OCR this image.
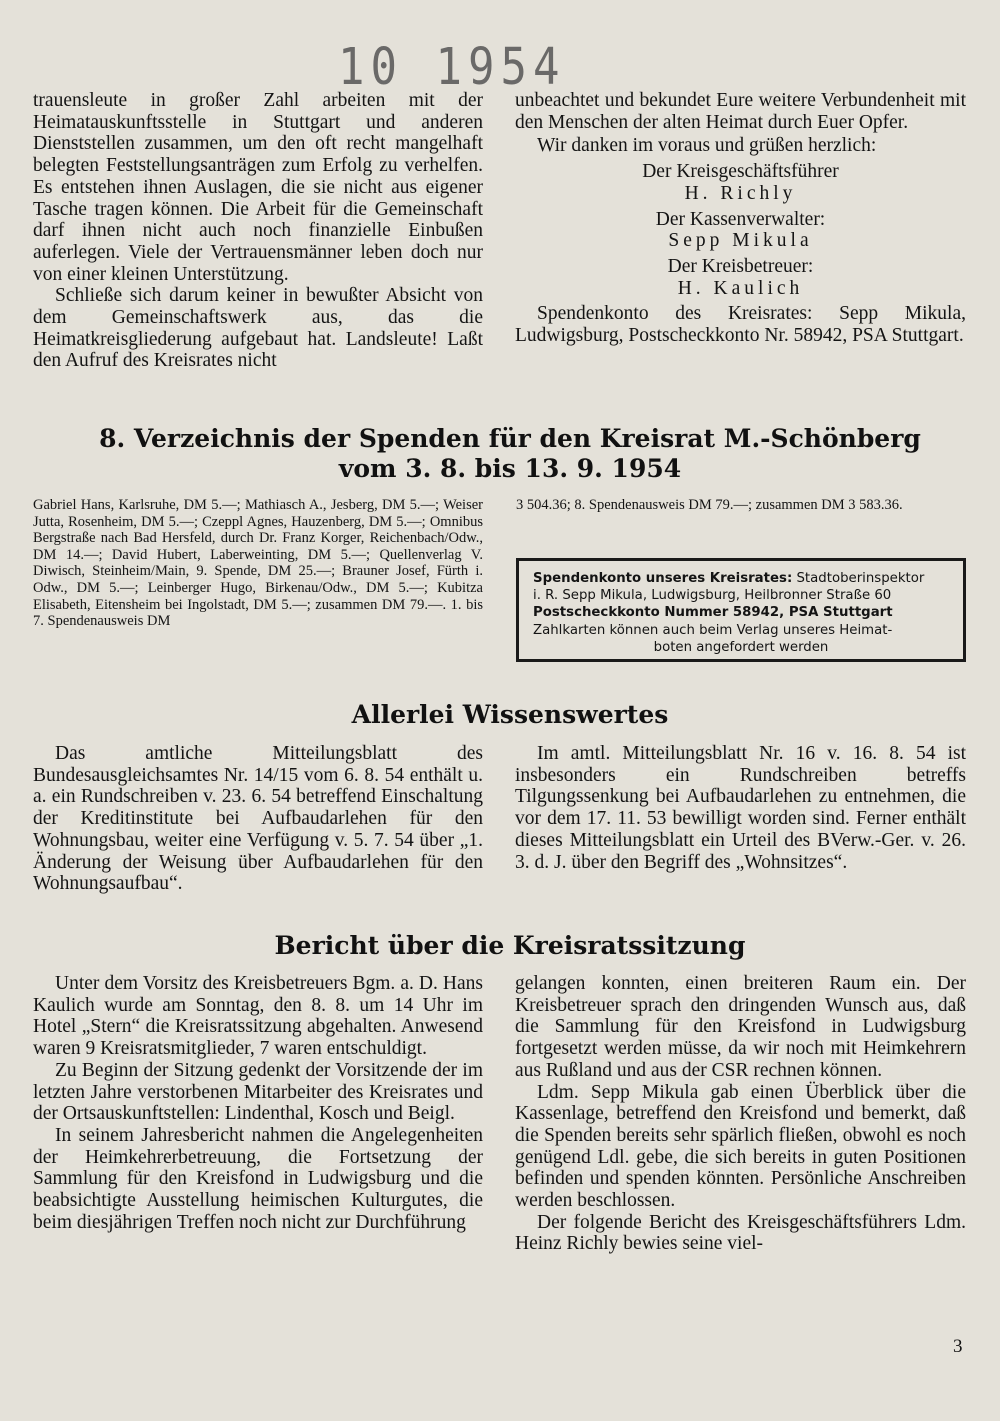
10 1954

trauensleute in großer Zahl arbeiten mit der Heimatauskunftsstelle in Stuttgart und anderen Dienststellen zusammen, um den oft recht mangelhaft belegten Feststellungsanträgen zum Erfolg zu verhelfen. Es entstehen ihnen Auslagen, die sie nicht aus eigener Tasche tragen können. Die Arbeit für die Gemeinschaft darf ihnen nicht auch noch finanzielle Einbußen auferlegen. Viele der Vertrauensmänner leben doch nur von einer kleinen Unterstützung.

Schließe sich darum keiner in bewußter Absicht von dem Gemeinschaftswerk aus, das die Heimatkreisgliederung aufgebaut hat. Landsleute! Laßt den Aufruf des Kreisrates nicht

unbeachtet und bekundet Eure weitere Verbundenheit mit den Menschen der alten Heimat durch Euer Opfer.

Wir danken im voraus und grüßen herzlich:

Der Kreisgeschäftsführer

H. Richly

Der Kassenverwalter:

Sepp Mikula

Der Kreisbetreuer:

H. Kaulich

Spendenkonto des Kreisrates: Sepp Mikula, Ludwigsburg, Postscheckkonto Nr. 58942, PSA Stuttgart.

8. Verzeichnis der Spenden für den Kreisrat M.-Schönberg
vom 3. 8. bis 13. 9. 1954

Gabriel Hans, Karlsruhe, DM 5.—; Mathiasch A., Jesberg, DM 5.—; Weiser Jutta, Rosenheim, DM 5.—; Czeppl Agnes, Hauzenberg, DM 5.—; Omnibus Bergstraße nach Bad Hersfeld, durch Dr. Franz Korger, Reichenbach/Odw., DM 14.—; David Hubert, Laberweinting, DM 5.—; Quellenverlag V. Diwisch, Steinheim/Main, 9. Spende, DM 25.—; Brauner Josef, Fürth i. Odw., DM 5.—; Leinberger Hugo, Birkenau/Odw., DM 5.—; Kubitza Elisabeth, Eitensheim bei Ingolstadt, DM 5.—; zusammen DM 79.—. 1. bis 7. Spendenausweis DM

3 504.36; 8. Spendenausweis DM 79.—; zusammen DM 3 583.36.

Spendenkonto unseres Kreisrates: Stadtoberinspektor
i. R. Sepp Mikula, Ludwigsburg, Heilbronner Straße 60
Postscheckkonto Nummer 58942, PSA Stuttgart
Zahlkarten können auch beim Verlag unseres Heimat-
boten angefordert werden
Allerlei Wissenswertes

Das amtliche Mitteilungsblatt des Bundesausgleichsamtes Nr. 14/15 vom 6. 8. 54 enthält u. a. ein Rundschreiben v. 23. 6. 54 betreffend Einschaltung der Kreditinstitute bei Aufbaudarlehen für den Wohnungsbau, weiter eine Verfügung v. 5. 7. 54 über „1. Änderung der Weisung über Aufbaudarlehen für den Wohnungsaufbau“.

Im amtl. Mitteilungsblatt Nr. 16 v. 16. 8. 54 ist insbesonders ein Rundschreiben betreffs Tilgungssenkung bei Aufbaudarlehen zu entnehmen, die vor dem 17. 11. 53 bewilligt worden sind. Ferner enthält dieses Mitteilungsblatt ein Urteil des BVerw.-Ger. v. 26. 3. d. J. über den Begriff des „Wohnsitzes“.

Bericht über die Kreisratssitzung

Unter dem Vorsitz des Kreisbetreuers Bgm. a. D. Hans Kaulich wurde am Sonntag, den 8. 8. um 14 Uhr im Hotel „Stern“ die Kreisratssitzung abgehalten. Anwesend waren 9 Kreisratsmitglieder, 7 waren entschuldigt.

Zu Beginn der Sitzung gedenkt der Vorsitzende der im letzten Jahre verstorbenen Mitarbeiter des Kreisrates und der Ortsauskunftstellen: Lindenthal, Kosch und Beigl.

In seinem Jahresbericht nahmen die Angelegenheiten der Heimkehrerbetreuung, die Fortsetzung der Sammlung für den Kreisfond in Ludwigsburg und die beabsichtigte Ausstellung heimischen Kulturgutes, die beim diesjährigen Treffen noch nicht zur Durchführung

gelangen konnten, einen breiteren Raum ein. Der Kreisbetreuer sprach den dringenden Wunsch aus, daß die Sammlung für den Kreisfond in Ludwigsburg fortgesetzt werden müsse, da wir noch mit Heimkehrern aus Rußland und aus der CSR rechnen können.

Ldm. Sepp Mikula gab einen Überblick über die Kassenlage, betreffend den Kreisfond und bemerkt, daß die Spenden bereits sehr spärlich fließen, obwohl es noch genügend Ldl. gebe, die sich bereits in guten Positionen befinden und spenden könnten. Persönliche Anschreiben werden beschlossen.

Der folgende Bericht des Kreisgeschäftsführers Ldm. Heinz Richly bewies seine viel-

3
